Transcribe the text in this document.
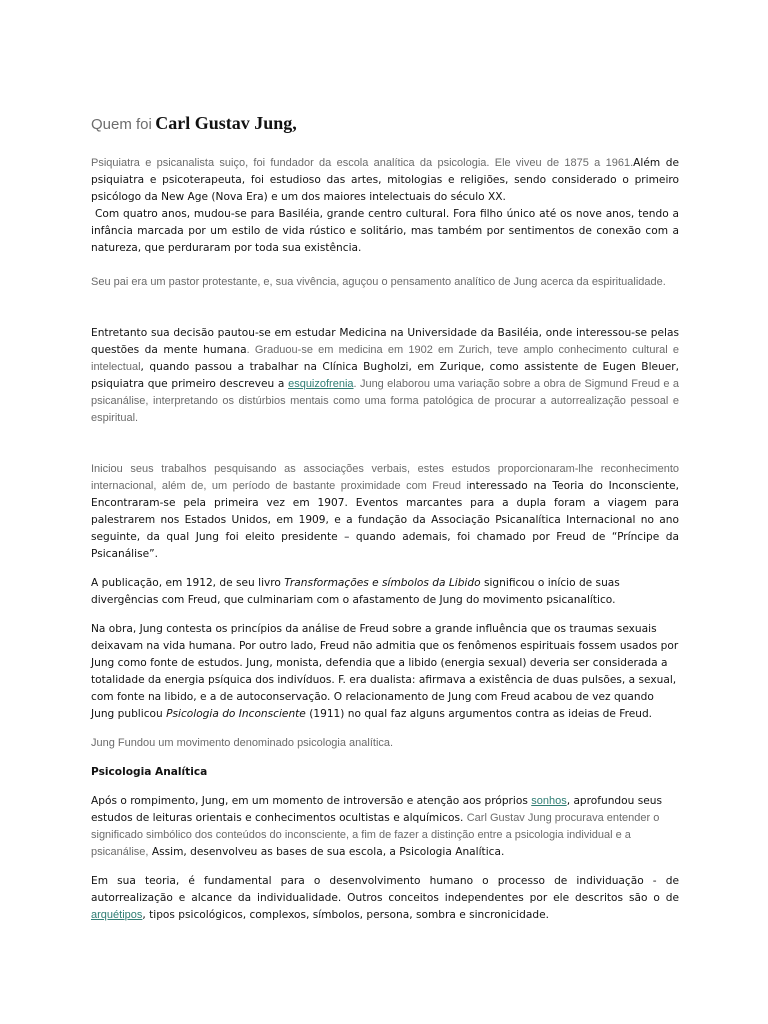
Quem foi Carl Gustav Jung,

Psiquiatra e psicanalista suiço, foi fundador da escola analítica da psicologia. Ele viveu de 1875 a 1961.Além de psiquiatra e psicoterapeuta, foi estudioso das artes, mitologias e religiões, sendo considerado o primeiro psicólogo da New Age (Nova Era) e um dos maiores intelectuais do século XX.

Com quatro anos, mudou-se para Basiléia, grande centro cultural. Fora filho único até os nove anos, tendo a infância marcada por um estilo de vida rústico e solitário, mas também por sentimentos de conexão com a natureza, que perduraram por toda sua existência.

Seu pai era um pastor protestante, e, sua vivência, aguçou o pensamento analítico de Jung acerca da espiritualidade.

Entretanto sua decisão pautou-se em estudar Medicina na Universidade da Basiléia, onde interessou-se pelas questões da mente humana. Graduou-se em medicina em 1902 em Zurich, teve amplo conhecimento cultural e intelectual, quando passou a trabalhar na Clínica Bugholzi, em Zurique, como assistente de Eugen Bleuer, psiquiatra que primeiro descreveu a esquizofrenia. Jung elaborou uma variação sobre a obra de Sigmund Freud e a psicanálise, interpretando os distúrbios mentais como uma forma patológica de procurar a autorrealização pessoal e espiritual.

Iniciou seus trabalhos pesquisando as associações verbais, estes estudos proporcionaram-lhe reconhecimento internacional, além de, um período de bastante proximidade com Freud interessado na Teoria do Inconsciente, Encontraram-se pela primeira vez em 1907. Eventos marcantes para a dupla foram a viagem para palestrarem nos Estados Unidos, em 1909, e a fundação da Associação Psicanalítica Internacional no ano seguinte, da qual Jung foi eleito presidente – quando ademais, foi chamado por Freud de “Príncipe da Psicanálise”.

A publicação, em 1912, de seu livro Transformações e símbolos da Libido significou o início de suas divergências com Freud, que culminariam com o afastamento de Jung do movimento psicanalítico.

Na obra, Jung contesta os princípios da análise de Freud sobre a grande influência que os traumas sexuais deixavam na vida humana. Por outro lado, Freud não admitia que os fenômenos espirituais fossem usados por Jung como fonte de estudos. Jung, monista, defendia que a libido (energia sexual) deveria ser considerada a totalidade da energia psíquica dos indivíduos. F. era dualista: afirmava a existência de duas pulsões, a sexual, com fonte na libido, e a de autoconservação. O relacionamento de Jung com Freud acabou de vez quando Jung publicou Psicologia do Inconsciente (1911) no qual faz alguns argumentos contra as ideias de Freud.

Jung Fundou um movimento denominado psicologia analítica.

Psicologia Analítica

Após o rompimento, Jung, em um momento de introversão e atenção aos próprios sonhos, aprofundou seus estudos de leituras orientais e conhecimentos ocultistas e alquímicos. Carl Gustav Jung procurava entender o significado simbólico dos conteúdos do inconsciente, a fim de fazer a distinção entre a psicologia individual e a psicanálise, Assim, desenvolveu as bases de sua escola, a Psicologia Analítica.

Em sua teoria, é fundamental para o desenvolvimento humano o processo de individuação - de autorrealização e alcance da individualidade. Outros conceitos independentes por ele descritos são o de arquétipos, tipos psicológicos, complexos, símbolos, persona, sombra e sincronicidade.
